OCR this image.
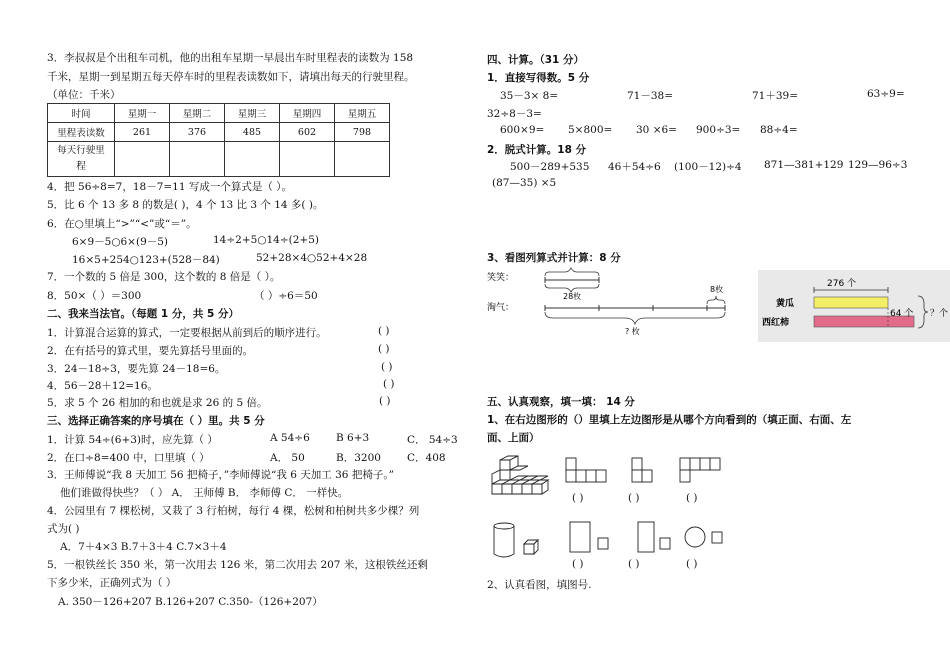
3．李叔叔是个出租车司机，他的出租车星期一早晨出车时里程表的读数为 158
千米，星期一到星期五每天停车时的里程表读数如下，请填出每天的行驶里程。
（单位：千米）
时间	星期一	星期二	星期三	星期四	星期五
里程表读数	261	376	485	602	798
每天行驶里
程					
4．把 56÷8=7，18－7=11 写成一个算式是（ ）。
5．比 6 个 13 多 8 的数是( )，4 个 13 比 3 个 14 多( )。
6．在○里填上“>”“<”或“＝”。
6×9－5○6×(9－5)	14÷2+5○14÷(2+5)
16×5+254○123+(528－84)	52+28×4○52+4×28
7．一个数的 5 倍是 300，这个数的 8 倍是（ ）。
8．50×（ ）＝300	（ ）÷6＝50
二、我来当法官。（每题 1 分，共 5 分）
1．计算混合运算的算式，一定要根据从前到后的顺序进行。	( )
2．在有括号的算式里，要先算括号里面的。	( )
3．24－18÷3，要先算 24－18=6。	( )
4．56－28＋12=16。	( )
5．求 5 个 26 相加的和也就是求 26 的 5 倍。	( )
三、选择正确答案的序号填在（ ）里。共 5 分
1．计算 54÷(6+3)时，应先算（ ）	A 54÷6 B 6+3	C． 54÷3
2．在口÷8=400 中，口里填（ ）	A． 50	B．3200 C．408
3．王师傅说“我 8 天加工 56 把椅子，”李师傅说“我 6 天加工 36 把椅子。”
他们谁做得快些？（ ） A． 王师傅 B． 李师傅 C． 一样快。
4．公园里有 7 棵松树，又栽了 3 行柏树，每行 4 棵，松树和柏树共多少棵？列
式为( )
A．7＋4×3 B.7＋3＋4 C.7×3＋4
5．一根铁丝长 350 米，第一次用去 126 米，第二次用去 207 米，这根铁丝还剩
下多少米，正确列式为（ ）
A. 350－126+207 B.126+207 C.350-（126+207）
四、计算。（31 分）
1．直接写得数。5 分
35－3× 8=	71－38=	71＋39=	63÷9=
32÷8－3=
600×9= 5×800= 30 ×6= 900÷3= 88÷4=
2．脱式计算。18 分
500－289+535 46＋54÷6 (100－12)÷4 871—381+129 129—96÷3
(87—35) ×5
3、看图列算式并计算：8 分
笑笑：
淘气：
28枚
8枚
? 枚
276 个
黄瓜
西红柿
64 个 ？个
五、认真观察，填一填： 14 分
1、在右边图形的（）里填上左边图形是从哪个方向看到的（填正面、右面、左
面、上面）
( )	( )	( )
( )	( )	( )
2、认真看图，填图号.
